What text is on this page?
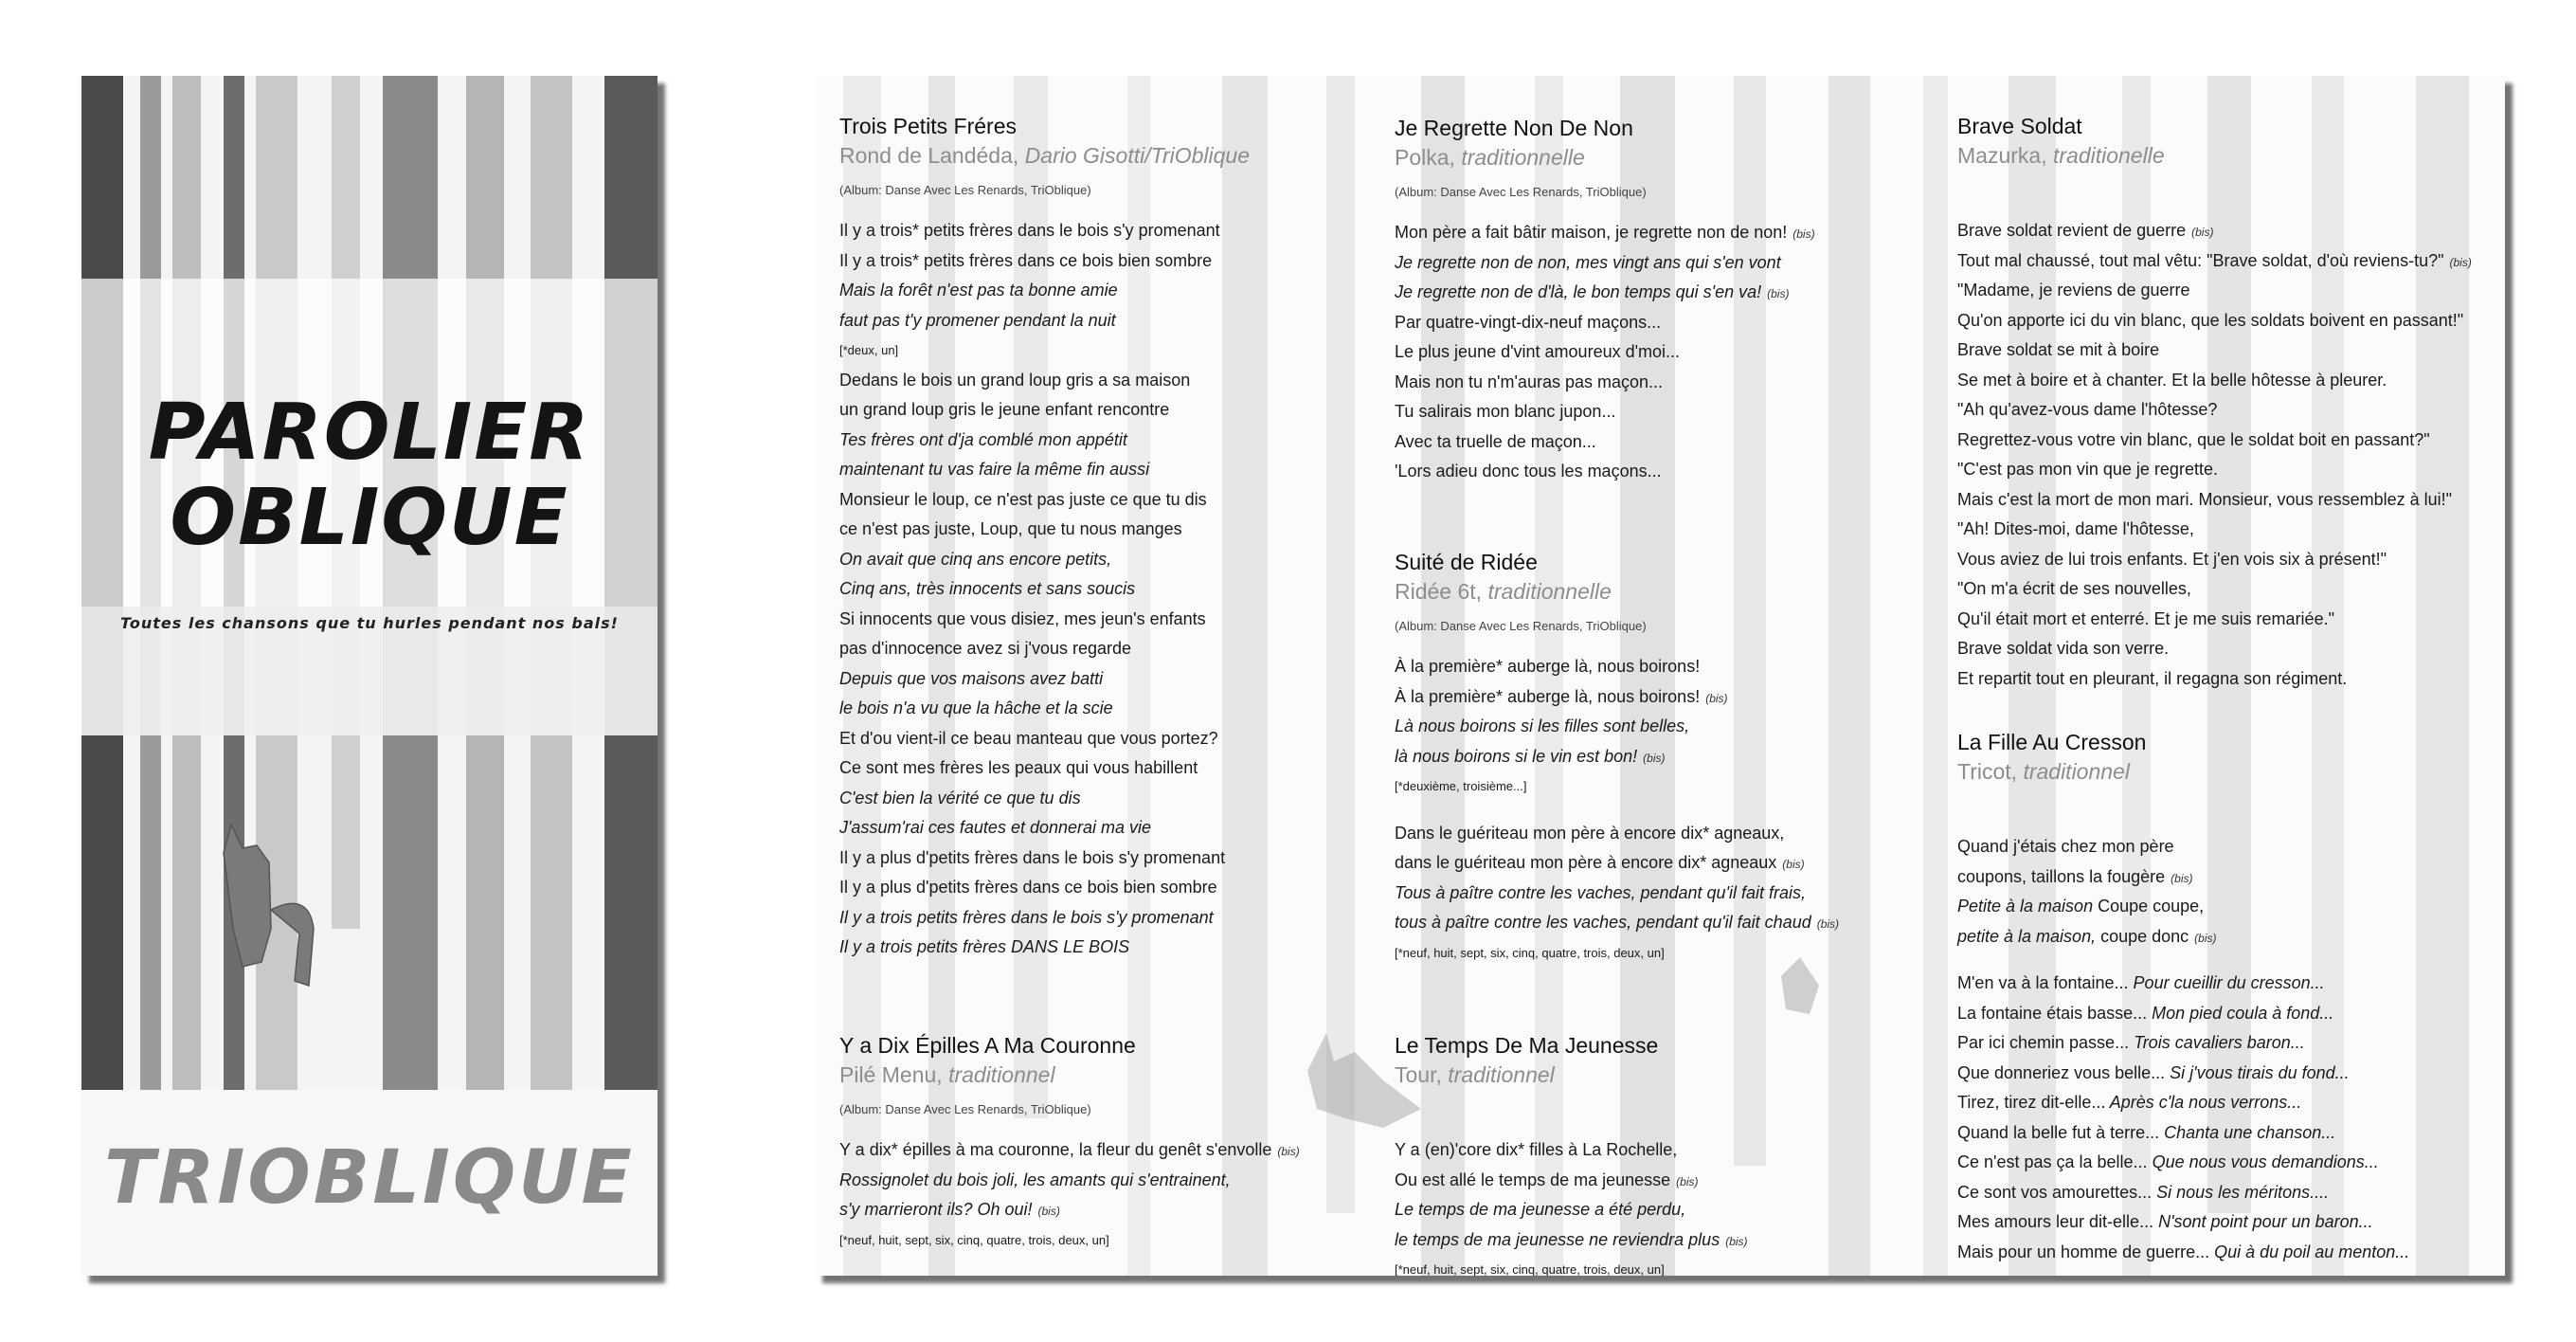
PAROLIER
OBLIQUE
Toutes les chansons que tu hurles pendant nos bals!
TRIOBLIQUE
Trois Petits Fréres
Rond de Landéda, Dario Gisotti/TriOblique
(Album: Danse Avec Les Renards, TriOblique)
Il y a trois* petits frères dans le bois s'y promenant
Il y a trois* petits frères dans ce bois bien sombre
Mais la forêt n'est pas ta bonne amie
faut pas t'y promener pendant la nuit
[*deux, un]
Dedans le bois un grand loup gris a sa maison
un grand loup gris le jeune enfant rencontre
Tes frères ont d'ja comblé mon appétit
maintenant tu vas faire la même fin aussi
Monsieur le loup, ce n'est pas juste ce que tu dis
ce n'est pas juste, Loup, que tu nous manges
On avait que cinq ans encore petits,
Cinq ans, très innocents et sans soucis
Si innocents que vous disiez, mes jeun's enfants
pas d'innocence avez si j'vous regarde
Depuis que vos maisons avez batti
le bois n'a vu que la hâche et la scie
Et d'ou vient-il ce beau manteau que vous portez?
Ce sont mes frères les peaux qui vous habillent
C'est bien la vérité ce que tu dis
J'assum'rai ces fautes et donnerai ma vie
Il y a plus d'petits frères dans le bois s'y promenant
Il y a plus d'petits frères dans ce bois bien sombre
Il y a trois petits frères dans le bois s'y promenant
Il y a trois petits frères DANS LE BOIS
Y a Dix Épilles A Ma Couronne
Pilé Menu, traditionnel
(Album: Danse Avec Les Renards, TriOblique)
Y a dix* épilles à ma couronne, la fleur du genêt s'envolle (bis)
Rossignolet du bois joli, les amants qui s'entrainent,
s'y marrieront ils? Oh oui! (bis)
[*neuf, huit, sept, six, cinq, quatre, trois, deux, un]
Je Regrette Non De Non
Polka, traditionnelle
(Album: Danse Avec Les Renards, TriOblique)
Mon père a fait bâtir maison, je regrette non de non! (bis)
Je regrette non de non, mes vingt ans qui s'en vont
Je regrette non de d'là, le bon temps qui s'en va! (bis)
Par quatre-vingt-dix-neuf maçons...
Le plus jeune d'vint amoureux d'moi...
Mais non tu n'm'auras pas maçon...
Tu salirais mon blanc jupon...
Avec ta truelle de maçon...
'Lors adieu donc tous les maçons...
Suité de Ridée
Ridée 6t, traditionnelle
(Album: Danse Avec Les Renards, TriOblique)
À la première* auberge là, nous boirons!
À la première* auberge là, nous boirons! (bis)
Là nous boirons si les filles sont belles,
là nous boirons si le vin est bon! (bis)
[*deuxième, troisième...]
Dans le guériteau mon père à encore dix* agneaux,
dans le guériteau mon père à encore dix* agneaux (bis)
Tous à paître contre les vaches, pendant qu'il fait frais,
tous à paître contre les vaches, pendant qu'il fait chaud (bis)
[*neuf, huit, sept, six, cinq, quatre, trois, deux, un]
Le Temps De Ma Jeunesse
Tour, traditionnel
Y a (en)'core dix* filles à La Rochelle,
Ou est allé le temps de ma jeunesse (bis)
Le temps de ma jeunesse a été perdu,
le temps de ma jeunesse ne reviendra plus (bis)
[*neuf, huit, sept, six, cinq, quatre, trois, deux, un]
Brave Soldat
Mazurka, traditionelle
Brave soldat revient de guerre (bis)
Tout mal chaussé, tout mal vêtu: "Brave soldat, d'où reviens-tu?" (bis)
"Madame, je reviens de guerre
Qu'on apporte ici du vin blanc, que les soldats boivent en passant!"
Brave soldat se mit à boire
Se met à boire et à chanter. Et la belle hôtesse à pleurer.
"Ah qu'avez-vous dame l'hôtesse?
Regrettez-vous votre vin blanc, que le soldat boit en passant?"
"C'est pas mon vin que je regrette.
Mais c'est la mort de mon mari. Monsieur, vous ressemblez à lui!"
"Ah! Dites-moi, dame l'hôtesse,
Vous aviez de lui trois enfants. Et j'en vois six à présent!"
"On m'a écrit de ses nouvelles,
Qu'il était mort et enterré. Et je me suis remariée."
Brave soldat vida son verre.
Et repartit tout en pleurant, il regagna son régiment.
La Fille Au Cresson
Tricot, traditionnel
Quand j'étais chez mon père
coupons, taillons la fougère (bis)
Petite à la maison Coupe coupe,
petite à la maison, coupe donc (bis)
M'en va à la fontaine... Pour cueillir du cresson...
La fontaine étais basse... Mon pied coula à fond...
Par ici chemin passe... Trois cavaliers baron...
Que donneriez vous belle... Si j'vous tirais du fond...
Tirez, tirez dit-elle... Après c'la nous verrons...
Quand la belle fut à terre... Chanta une chanson...
Ce n'est pas ça la belle... Que nous vous demandions...
Ce sont vos amourettes... Si nous les méritons....
Mes amours leur dit-elle... N'sont point pour un baron...
Mais pour un homme de guerre... Qui à du poil au menton...
